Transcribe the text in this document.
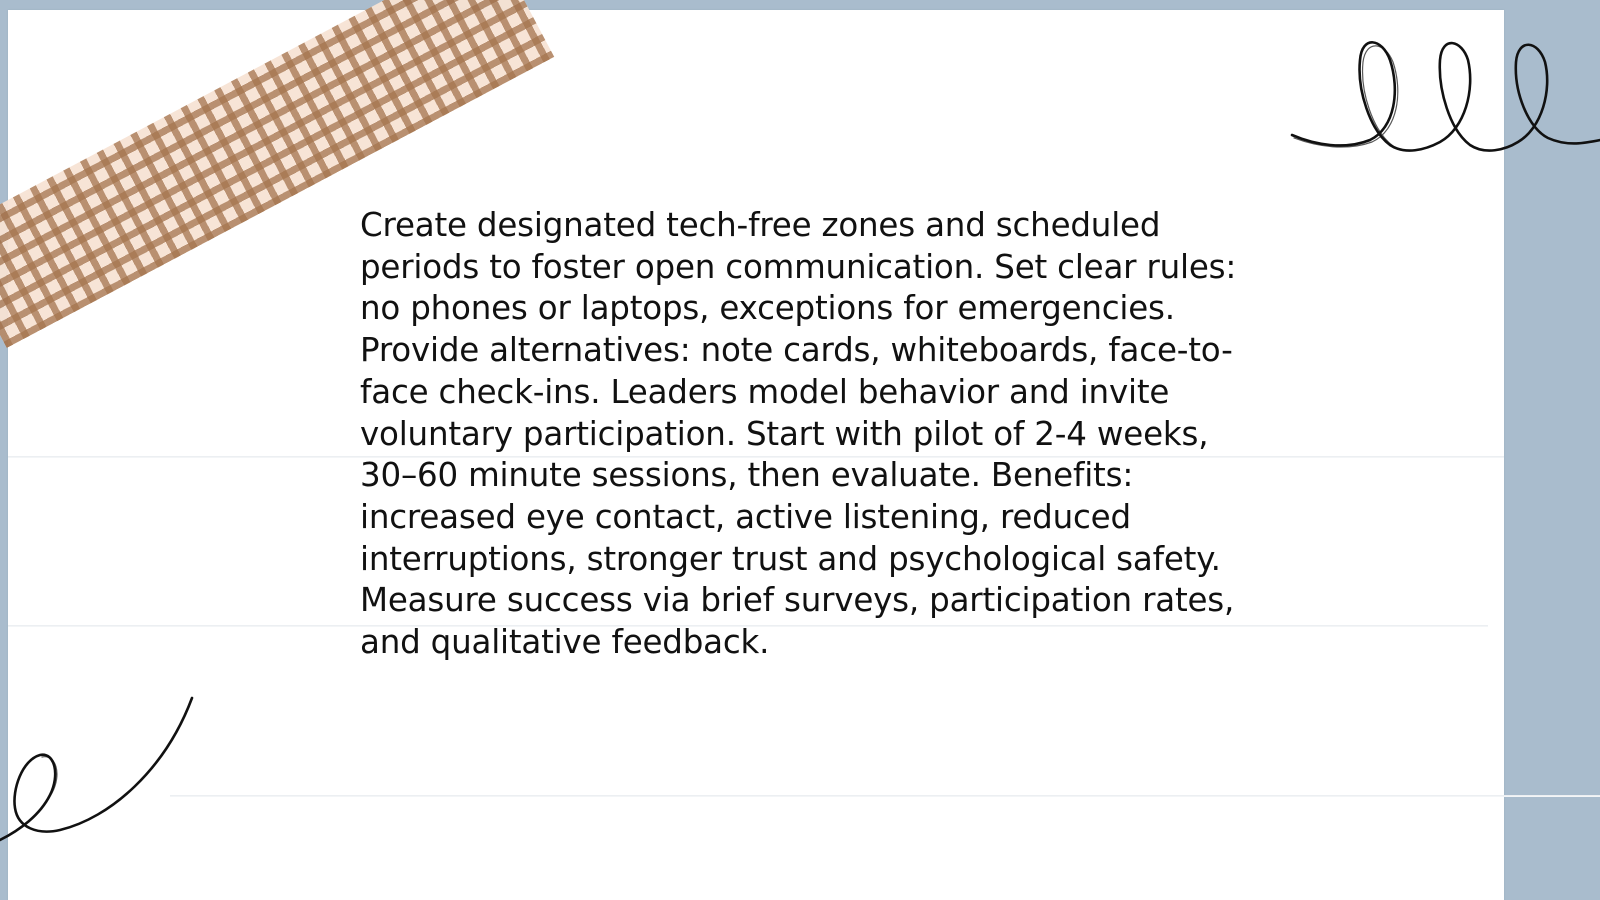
Create designated tech-free zones and scheduled periods to foster open communication. Set clear rules: no phones or laptops, exceptions for emergencies. Provide alternatives: note cards, whiteboards, face-to-face check-ins. Leaders model behavior and invite voluntary participation. Start with pilot of 2-4 weeks, 30–60 minute sessions, then evaluate. Benefits: increased eye contact, active listening, reduced interruptions, stronger trust and psychological safety. Measure success via brief surveys, participation rates, and qualitative feedback.
